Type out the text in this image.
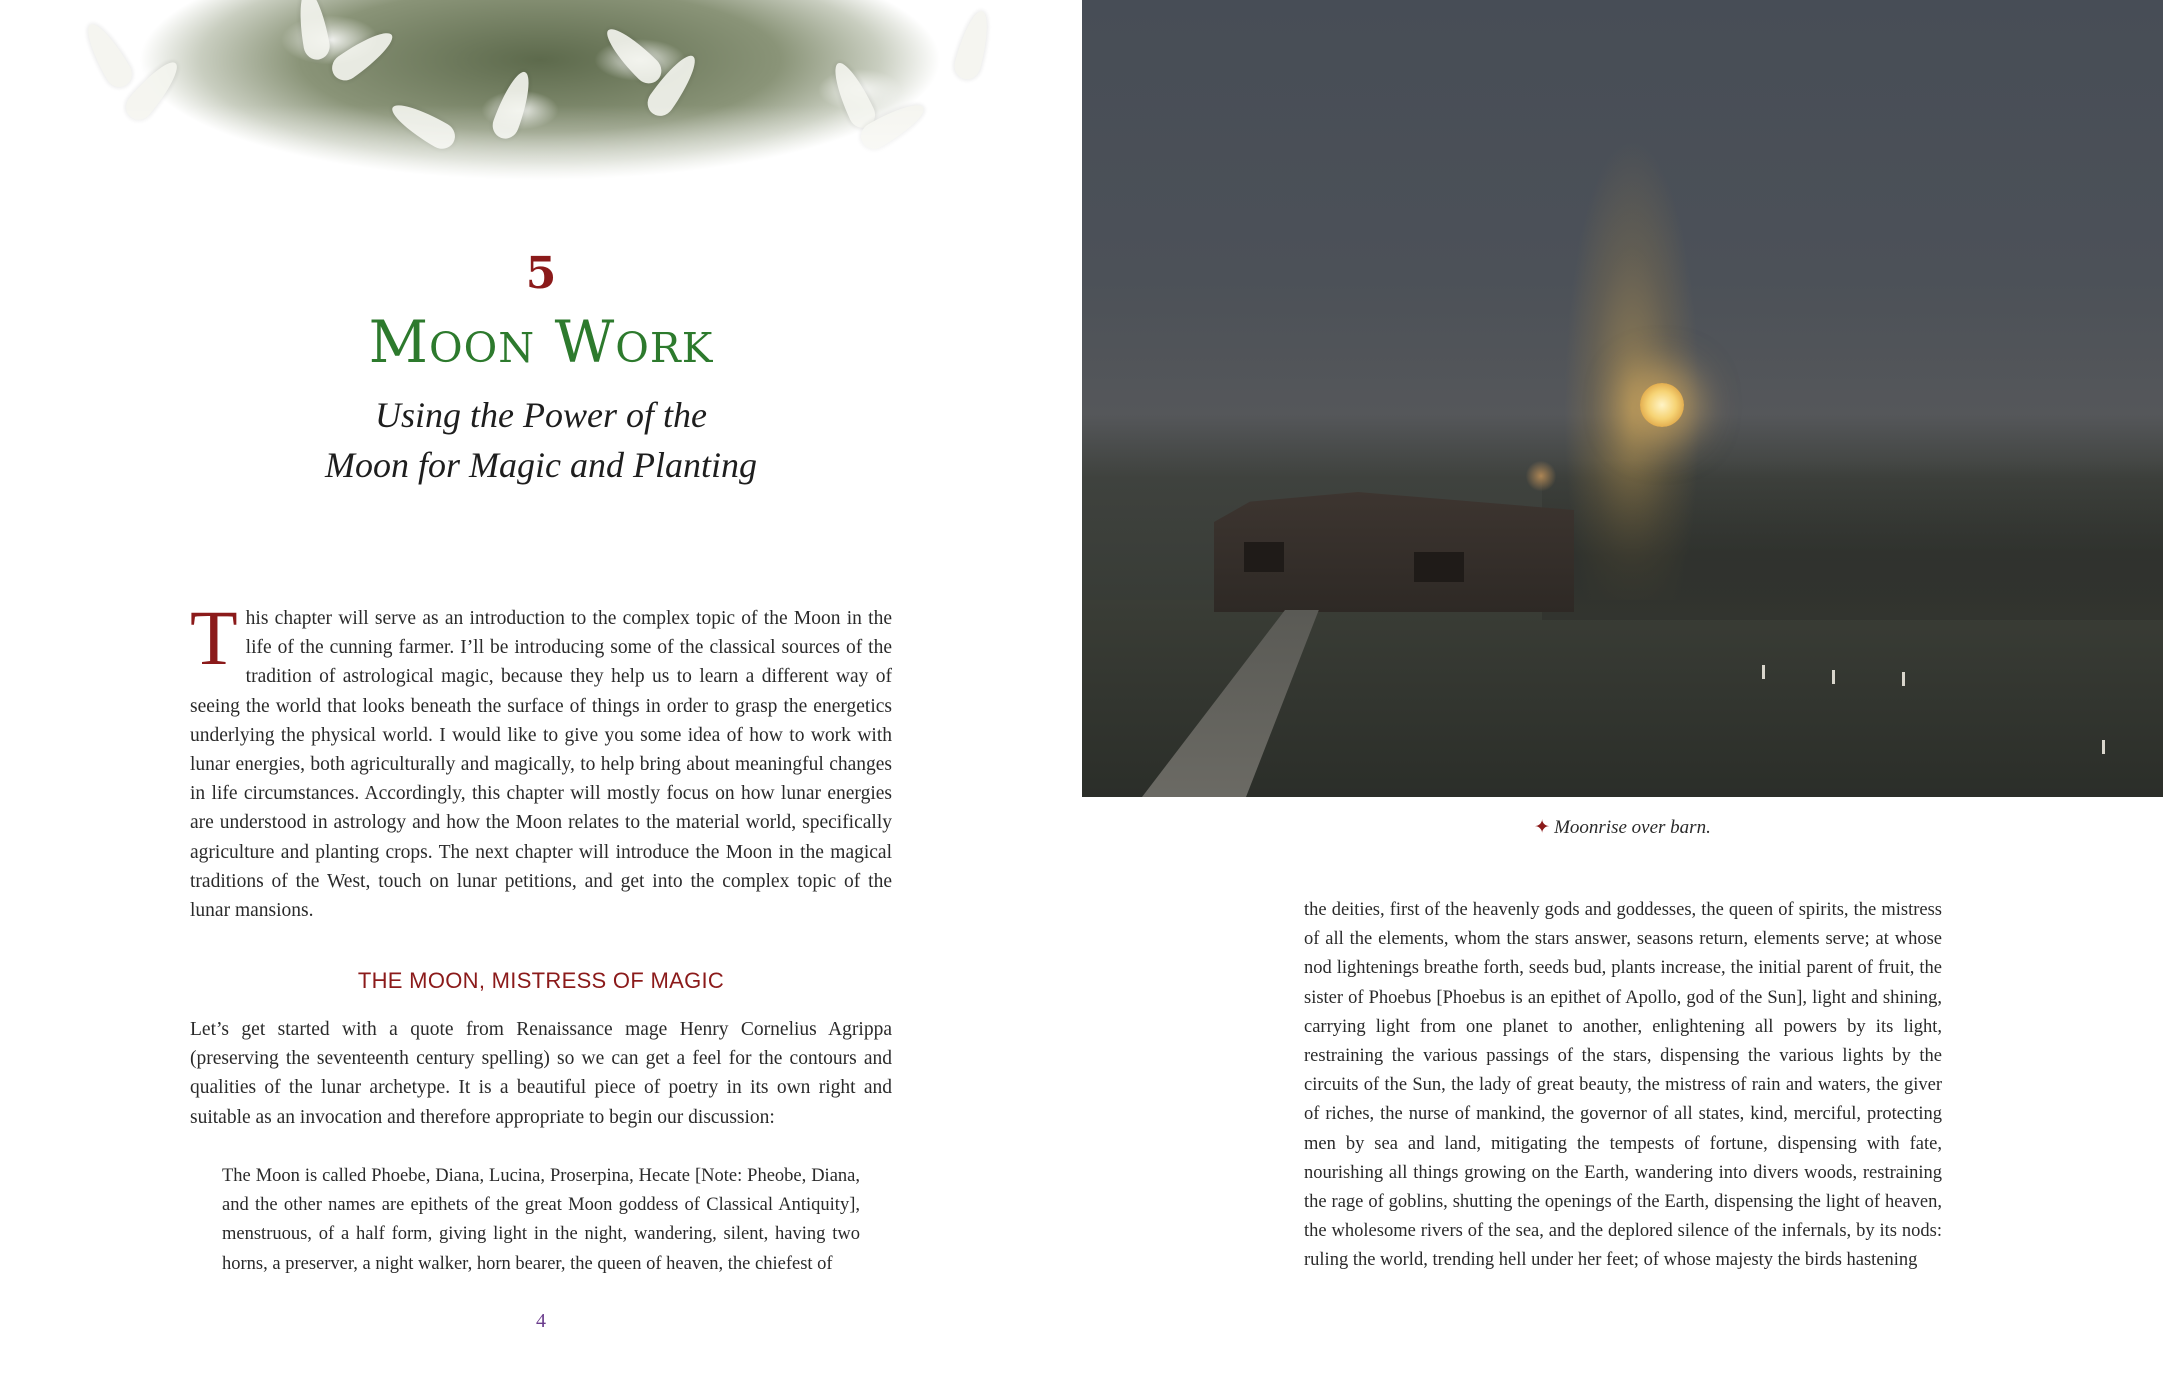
5
Moon Work
Using the Power of the
Moon for Magic and Planting
This chapter will serve as an introduction to the complex topic of the Moon in the life of the cunning farmer. I’ll be introducing some of the classical sources of the tradition of astrological magic, because they help us to learn a different way of seeing the world that looks beneath the surface of things in order to grasp the energetics underlying the physical world. I would like to give you some idea of how to work with lunar energies, both agriculturally and magically, to help bring about meaningful changes in life circumstances. Accordingly, this chapter will mostly focus on how lunar energies are understood in astrology and how the Moon relates to the material world, specifically agriculture and planting crops. The next chapter will introduce the Moon in the magical traditions of the West, touch on lunar petitions, and get into the complex topic of the lunar mansions.
THE MOON, MISTRESS OF MAGIC
Let’s get started with a quote from Renaissance mage Henry Cornelius Agrippa (preserving the seventeenth century spelling) so we can get a feel for the contours and qualities of the lunar archetype. It is a beautiful piece of poetry in its own right and suitable as an invocation and therefore appropriate to begin our discussion:
The Moon is called Phoebe, Diana, Lucina, Proserpina, Hecate [Note: Pheobe, Diana, and the other names are epithets of the great Moon goddess of Classical Antiquity], menstruous, of a half form, giving light in the night, wandering, silent, having two horns, a preserver, a night walker, horn bearer, the queen of heaven, the chiefest of
4
✦ Moonrise over barn.
the deities, first of the heavenly gods and goddesses, the queen of spirits, the mistress of all the elements, whom the stars answer, seasons return, elements serve; at whose nod lightenings breathe forth, seeds bud, plants increase, the initial parent of fruit, the sister of Phoebus [Phoebus is an epithet of Apollo, god of the Sun], light and shining, carrying light from one planet to another, enlightening all powers by its light, restraining the various passings of the stars, dispensing the various lights by the circuits of the Sun, the lady of great beauty, the mistress of rain and waters, the giver of riches, the nurse of mankind, the governor of all states, kind, merciful, protecting men by sea and land, mitigating the tempests of fortune, dispensing with fate, nourishing all things growing on the Earth, wandering into divers woods, restraining the rage of goblins, shutting the openings of the Earth, dispensing the light of heaven, the wholesome rivers of the sea, and the deplored silence of the infernals, by its nods: ruling the world, trending hell under her feet; of whose majesty the birds hastening
